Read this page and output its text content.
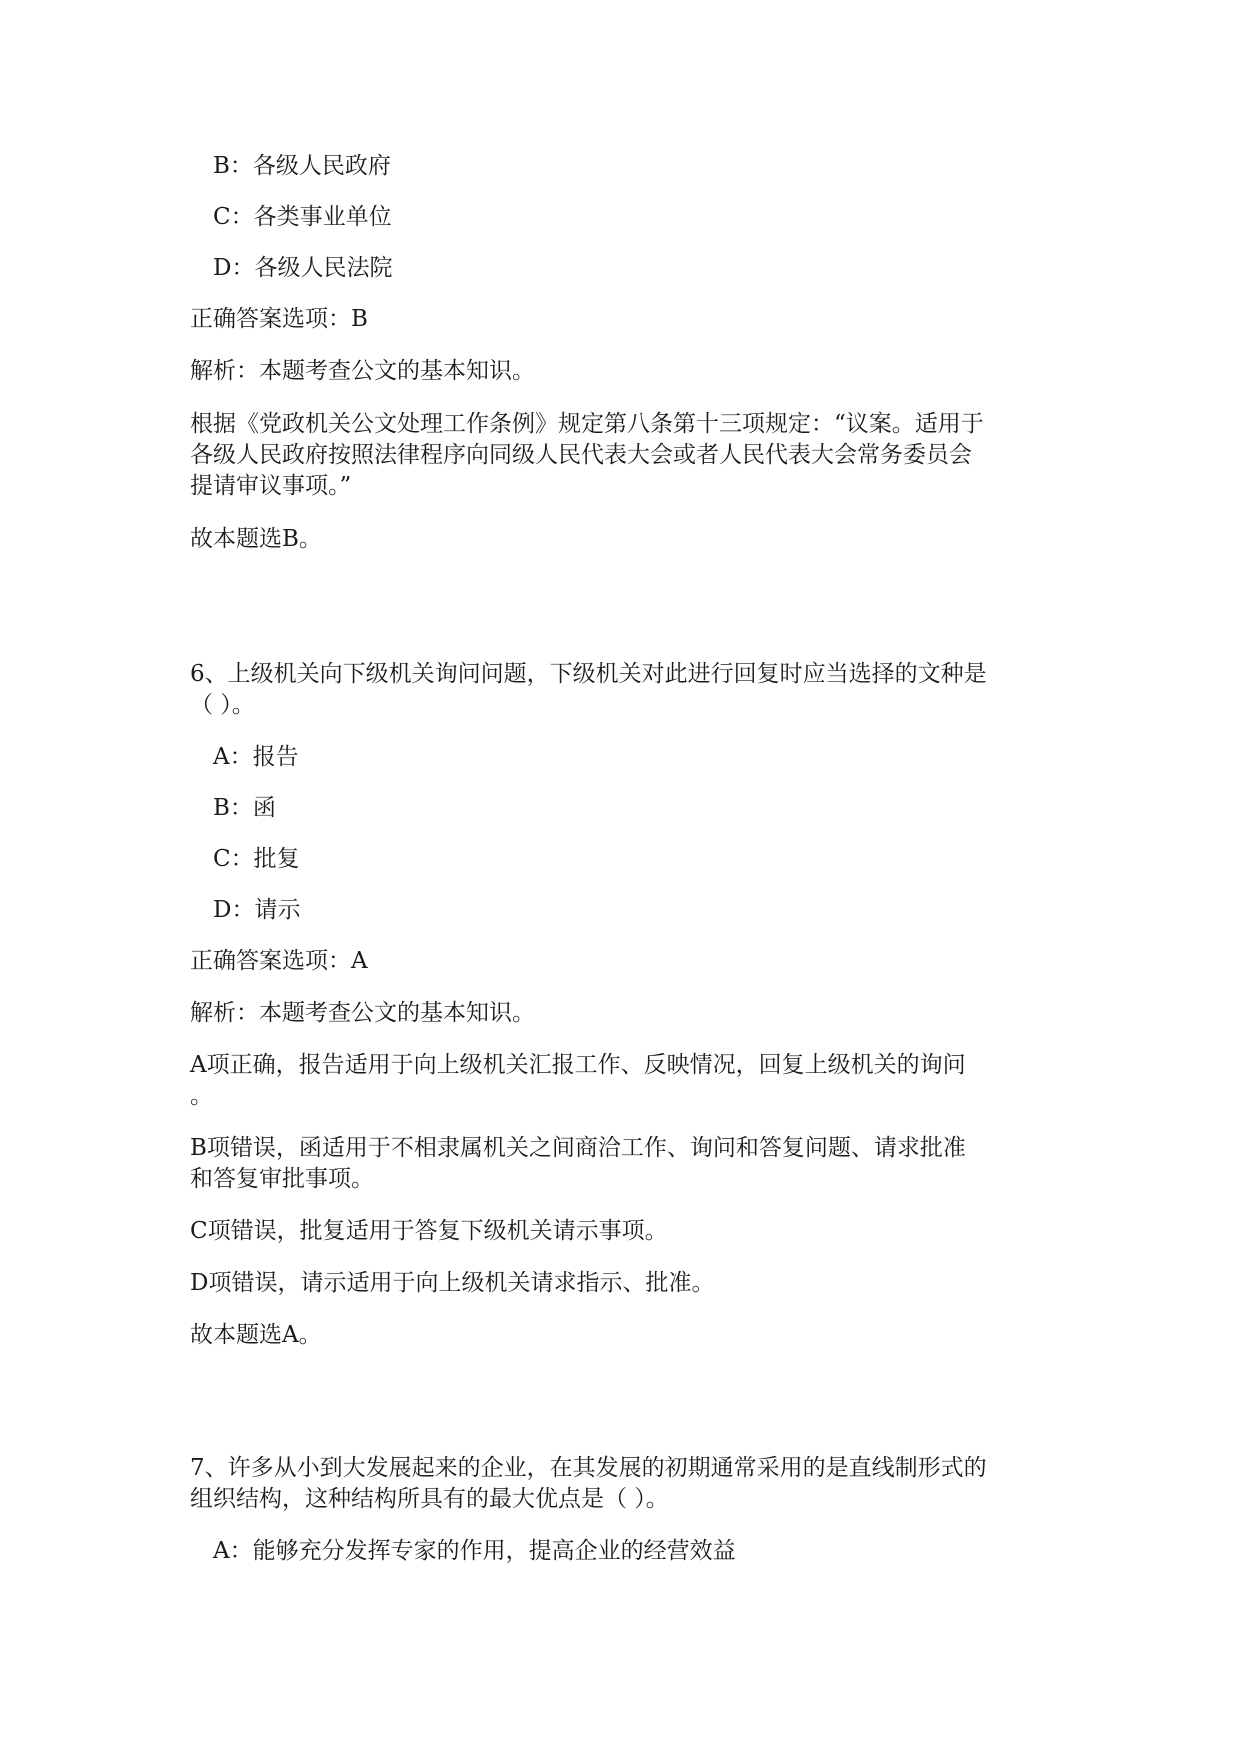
B：各级人民政府
C：各类事业单位
D：各级人民法院
正确答案选项：B
解析：本题考查公文的基本知识。
根据《党政机关公文处理工作条例》规定第八条第十三项规定：“议案。适用于
各级人民政府按照法律程序向同级人民代表大会或者人民代表大会常务委员会
提请审议事项。”
故本题选B。
6、上级机关向下级机关询问问题，下级机关对此进行回复时应当选择的文种是
（ ）。
A：报告
B：函
C：批复
D：请示
正确答案选项：A
解析：本题考查公文的基本知识。
A项正确，报告适用于向上级机关汇报工作、反映情况，回复上级机关的询问
。
B项错误，函适用于不相隶属机关之间商洽工作、询问和答复问题、请求批准
和答复审批事项。
C项错误，批复适用于答复下级机关请示事项。
D项错误，请示适用于向上级机关请求指示、批准。
故本题选A。
7、许多从小到大发展起来的企业，在其发展的初期通常采用的是直线制形式的
组织结构，这种结构所具有的最大优点是（ ）。
A：能够充分发挥专家的作用，提高企业的经营效益
